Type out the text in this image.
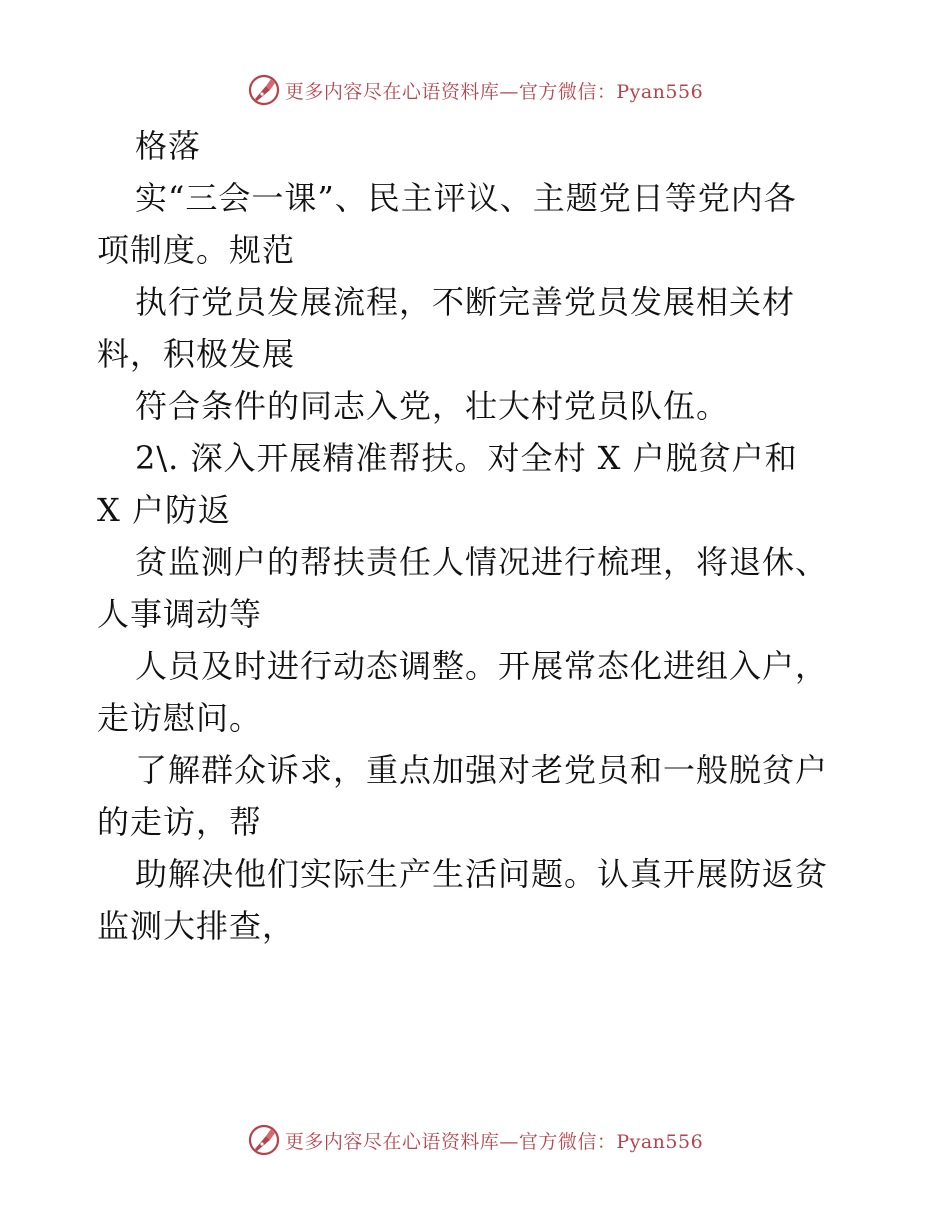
更多内容尽在心语资料库—官方微信：Pyan556
格落
实“三会一课”、民主评议、主题党日等党内各
项制度。规范
执行党员发展流程，不断完善党员发展相关材
料，积极发展
符合条件的同志入党，壮大村党员队伍。
2\. 深入开展精准帮扶。对全村 X 户脱贫户和
X 户防返
贫监测户的帮扶责任人情况进行梳理，将退休、
人事调动等
人员及时进行动态调整。开展常态化进组入户，
走访慰问。
了解群众诉求，重点加强对老党员和一般脱贫户
的走访，帮
助解决他们实际生产生活问题。认真开展防返贫
监测大排查，
更多内容尽在心语资料库—官方微信：Pyan556
